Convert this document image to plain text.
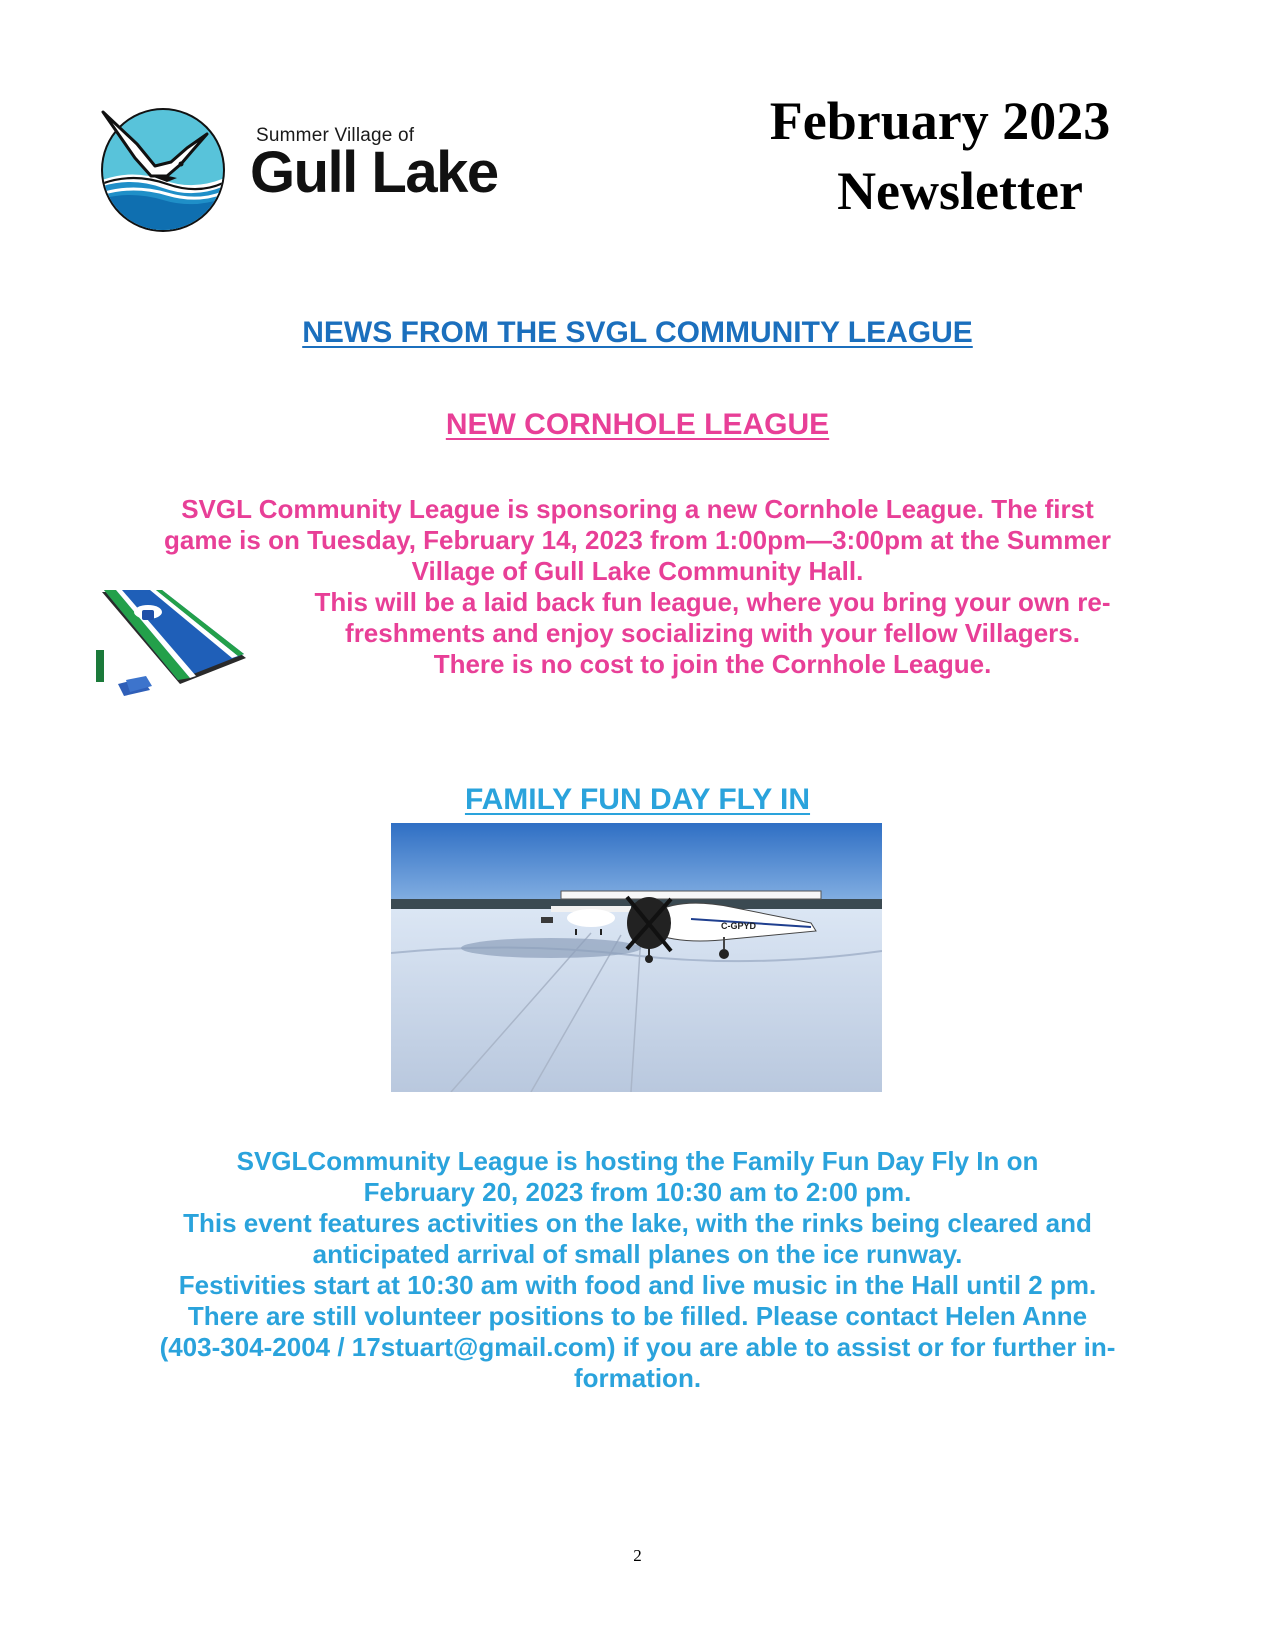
Summer Village of
Gull Lake
February 2023
Newsletter
NEWS FROM THE SVGL COMMUNITY LEAGUE
NEW CORNHOLE LEAGUE
SVGL Community League is sponsoring a new Cornhole League. The first
game is on Tuesday, February 14, 2023 from 1:00pm—3:00pm at the Summer
Village of Gull Lake Community Hall.
This will be a laid back fun league, where you bring your own re-
freshments and enjoy socializing with your fellow Villagers.
There is no cost to join the Cornhole League.
FAMILY FUN DAY FLY IN
C-GPYD
SVGLCommunity League is hosting the Family Fun Day Fly In on
February 20, 2023 from 10:30 am to 2:00 pm.
This event features activities on the lake, with the rinks being cleared and
anticipated arrival of small planes on the ice runway.
Festivities start at 10:30 am with food and live music in the Hall until 2 pm.
There are still volunteer positions to be filled. Please contact Helen Anne
(403-304-2004 / 17stuart@gmail.com) if you are able to assist or for further in-
formation.
2
